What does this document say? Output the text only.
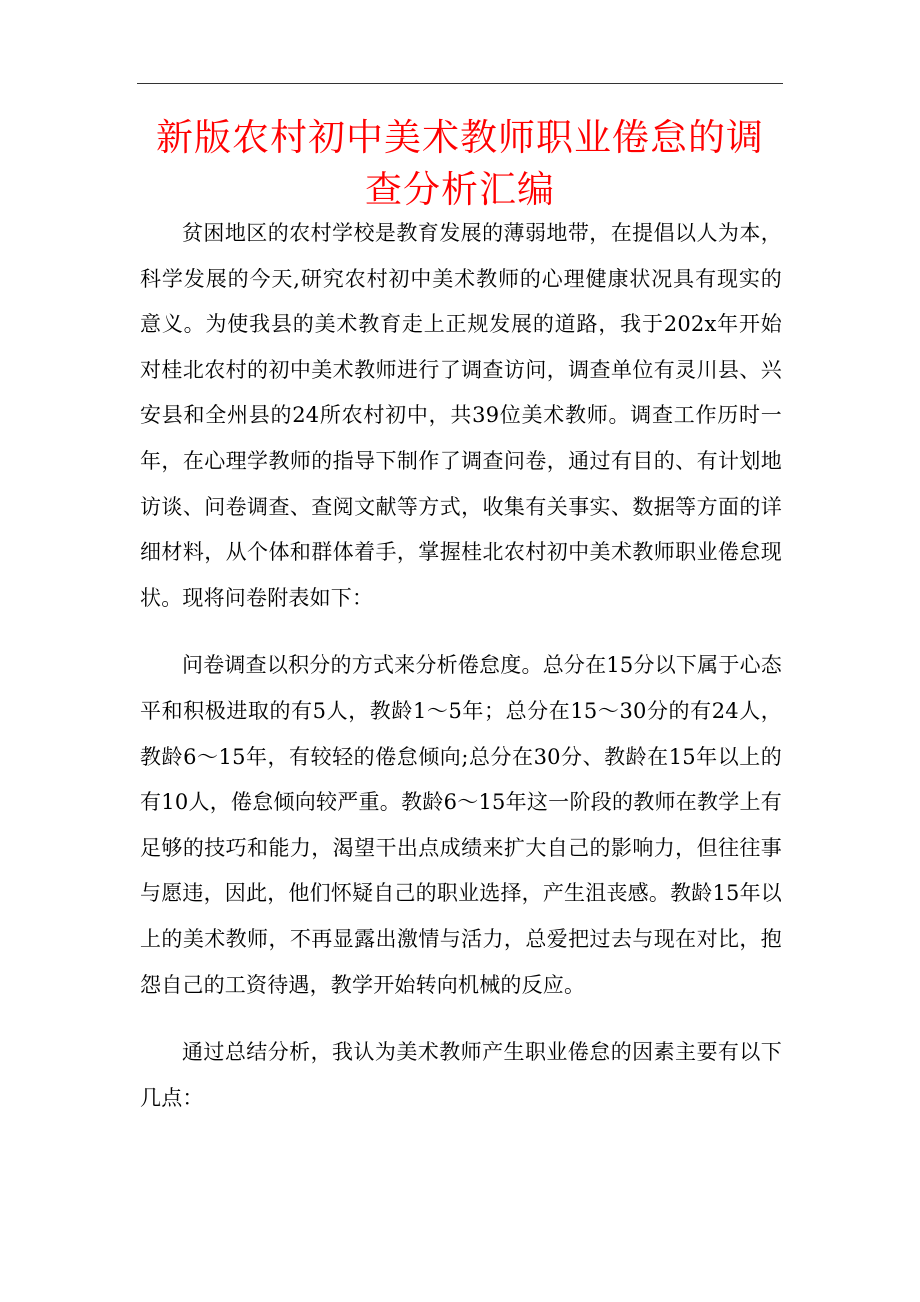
新版农村初中美术教师职业倦怠的调查分析汇编

贫困地区的农村学校是教育发展的薄弱地带，在提倡以人为本，科学发展的今天,研究农村初中美术教师的心理健康状况具有现实的意义。为使我县的美术教育走上正规发展的道路，我于202x年开始对桂北农村的初中美术教师进行了调查访问，调查单位有灵川县、兴安县和全州县的24所农村初中，共39位美术教师。调查工作历时一年，在心理学教师的指导下制作了调查问卷，通过有目的、有计划地访谈、问卷调查、查阅文献等方式，收集有关事实、数据等方面的详细材料，从个体和群体着手，掌握桂北农村初中美术教师职业倦怠现状。现将问卷附表如下：

问卷调查以积分的方式来分析倦怠度。总分在15分以下属于心态平和积极进取的有5人，教龄1～5年；总分在15～30分的有24人，教龄6～15年，有较轻的倦怠倾向;总分在30分、教龄在15年以上的有10人，倦怠倾向较严重。教龄6～15年这一阶段的教师在教学上有足够的技巧和能力，渴望干出点成绩来扩大自己的影响力，但往往事与愿违，因此，他们怀疑自己的职业选择，产生沮丧感。教龄15年以上的美术教师，不再显露出激情与活力，总爱把过去与现在对比，抱怨自己的工资待遇，教学开始转向机械的反应。

通过总结分析，我认为美术教师产生职业倦怠的因素主要有以下几点：
